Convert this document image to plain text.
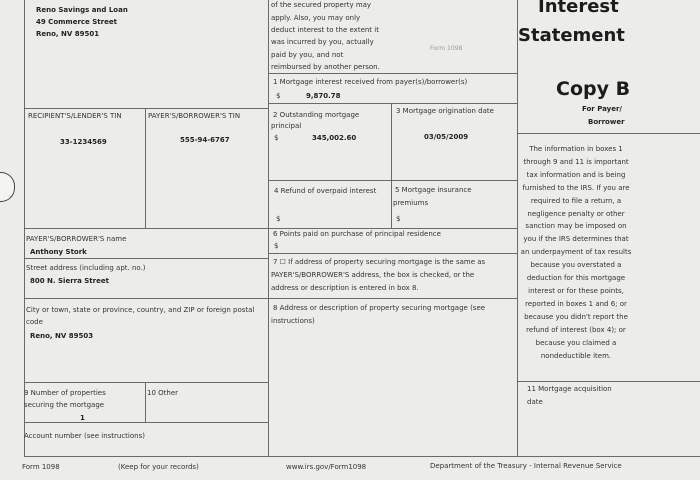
Reno Savings and Loan
49 Commerce Street
Reno, NV 89501
RECIPIENT'S/LENDER'S TIN	PAYER'S/BORROWER'S TIN
33-1234569	555-94-6767
PAYER'S/BORROWER'S name
Anthony Stork
Street address (including apt. no.)
800 N. Sierra Street
City or town, state or province, country, and ZIP or foreign postal
code
Reno, NV 89503
9 Number of properties
securing the mortgage
1
10 Other
Account number (see instructions)
of the secured property may
apply. Also, you may only
deduct interest to the extent it
was incurred by you, actually
paid by you, and not
reimbursed by another person.
Form 1098
1 Mortgage interest received from payer(s)/borrower(s)
$	9,870.78
2 Outstanding mortgage
principal
$	345,002.60
3 Mortgage origination date
03/05/2009
4 Refund of overpaid interest
$
5 Mortgage insurance
premiums
$
6 Points paid on purchase of principal residence
$
7 ☐ If address of property securing mortgage is the same as
PAYER'S/BORROWER'S address, the box is checked, or the
address or description is entered in box 8.
8 Address or description of property securing mortgage (see
instructions)
Interest
Statement
Copy B
For Payer/
Borrower
The information in boxes 1 through 9 and 11 is important tax information and is being furnished to the IRS. If you are required to file a return, a negligence penalty or other sanction may be imposed on you if the IRS determines that an underpayment of tax results because you overstated a deduction for this mortgage interest or for these points, reported in boxes 1 and 6; or because you didn't report the refund of interest (box 4); or because you claimed a nondeductible item.
11 Mortgage acquisition
date
Form 1098	(Keep for your records)	www.irs.gov/Form1098	Department of the Treasury - Internal Revenue Service
